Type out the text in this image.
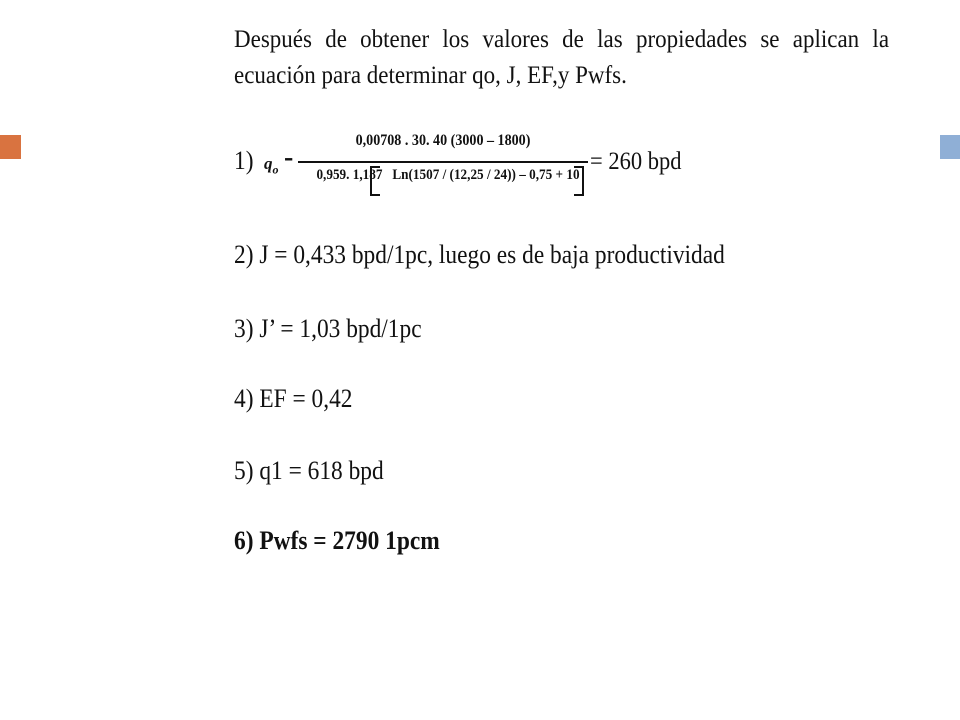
Después de obtener los valores de las propiedades se aplican la ecuación para determinar qo, J, EF,y Pwfs.

1) $q_o$ -
0,00708 . 30. 40 (3000 – 1800)
0,959. 1,187 Ln(1507 / (12,25 / 24)) – 0,75 + 10 = 260 bpd
2) J = 0,433 bpd/1pc, luego es de baja productividad
3) J’ = 1,03 bpd/1pc
4) EF = 0,42
5) q1 = 618 bpd
6) Pwfs = 2790 1pcm
